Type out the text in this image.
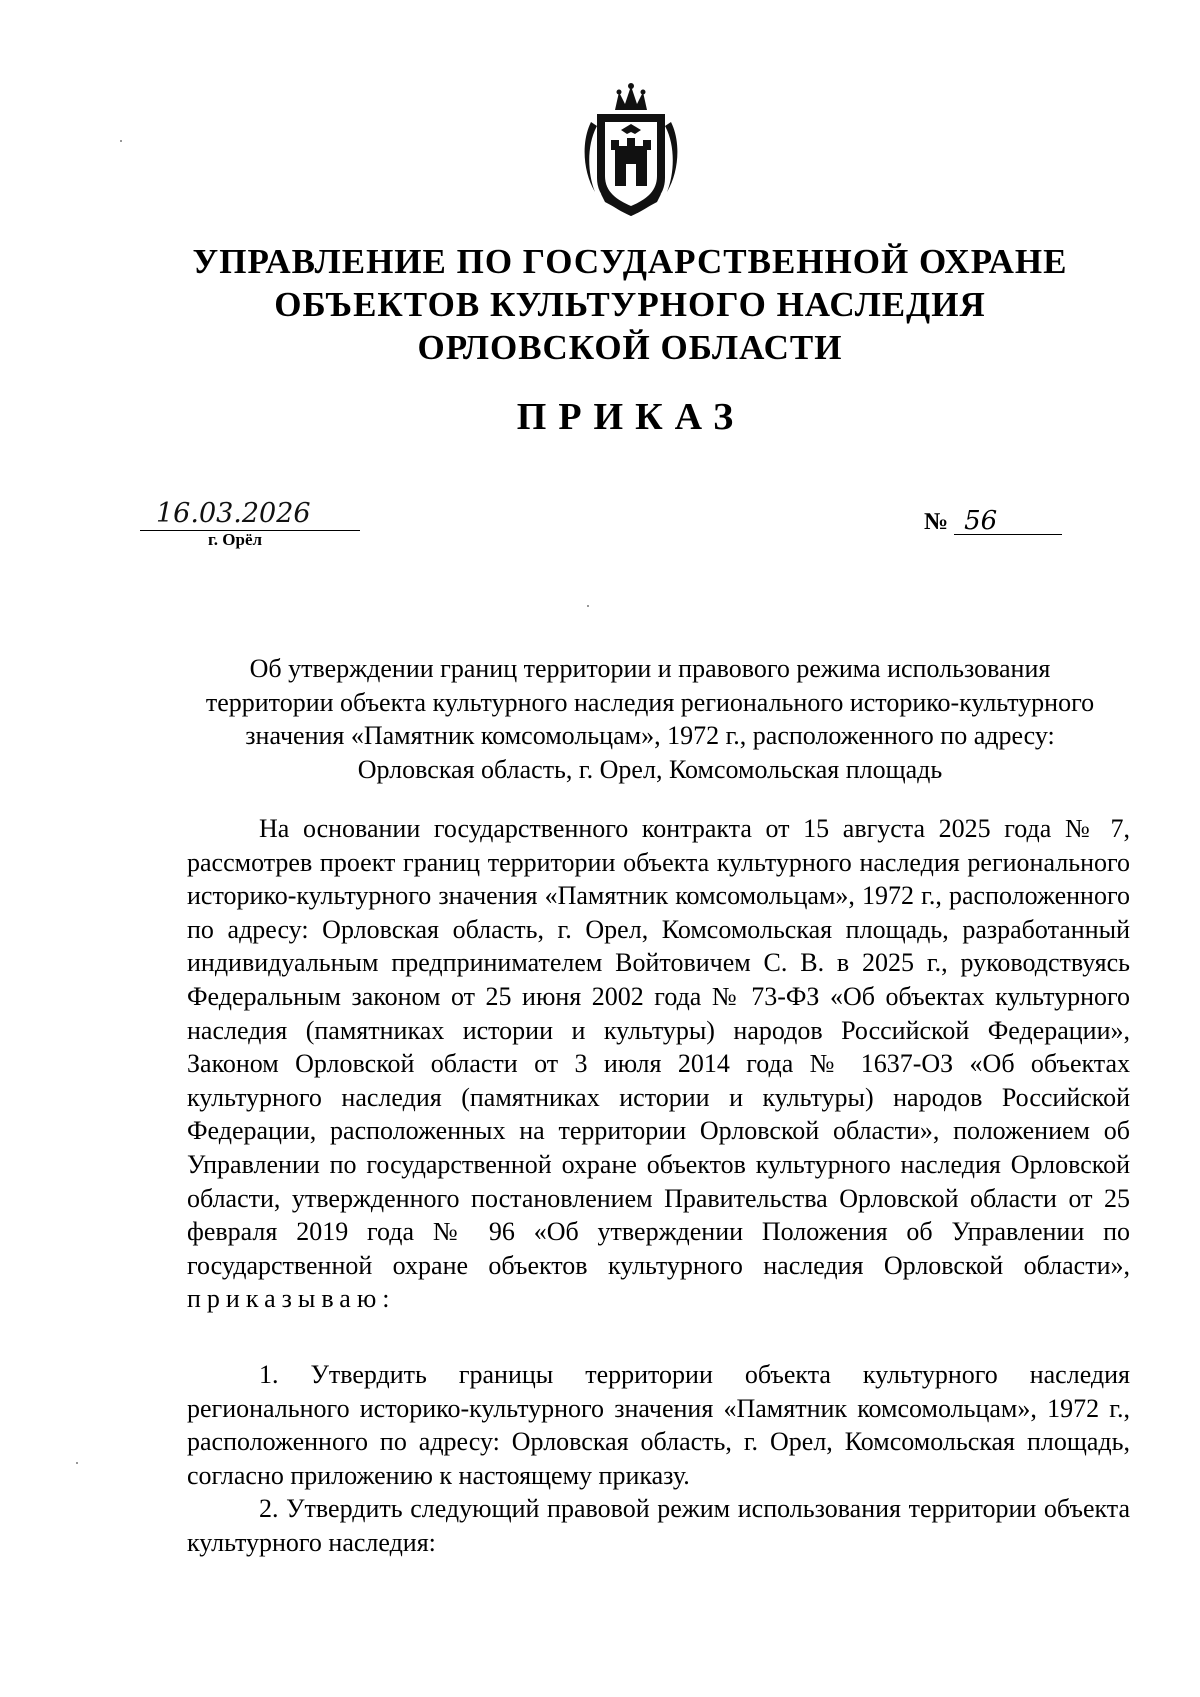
УПРАВЛЕНИЕ ПО ГОСУДАРСТВЕННОЙ ОХРАНЕ
ОБЪЕКТОВ КУЛЬТУРНОГО НАСЛЕДИЯ
ОРЛОВСКОЙ ОБЛАСТИ
ПРИКАЗ
16.03.2026
г. Орёл
№ 56
Об утверждении границ территории и правового режима использования
территории объекта культурного наследия регионального историко-культурного
значения «Памятник комсомольцам», 1972 г., расположенного по адресу:
Орловская область, г. Орел, Комсомольская площадь

На основании государственного контракта от 15 августа 2025 года № 7, рассмотрев проект границ территории объекта культурного наследия регионального историко-культурного значения «Памятник комсомольцам», 1972 г., расположенного по адресу: Орловская область, г. Орел, Комсомольская площадь, разработанный индивидуальным предпринимателем Войтовичем С. В. в 2025 г., руководствуясь Федеральным законом от 25 июня 2002 года № 73-ФЗ «Об объектах культурного наследия (памятниках истории и культуры) народов Российской Федерации», Законом Орловской области от 3 июля 2014 года № 1637-ОЗ «Об объектах культурного наследия (памятниках истории и культуры) народов Российской Федерации, расположенных на территории Орловской области», положением об Управлении по государственной охране объектов культурного наследия Орловской области, утвержденного постановлением Правительства Орловской области от 25 февраля 2019 года № 96 «Об утверждении Положения об Управлении по государственной охране объектов культурного наследия Орловской области», приказываю:

1. Утвердить границы территории объекта культурного наследия регионального историко-культурного значения «Памятник комсомольцам», 1972 г., расположенного по адресу: Орловская область, г. Орел, Комсомольская площадь, согласно приложению к настоящему приказу.

2. Утвердить следующий правовой режим использования территории объекта культурного наследия:
